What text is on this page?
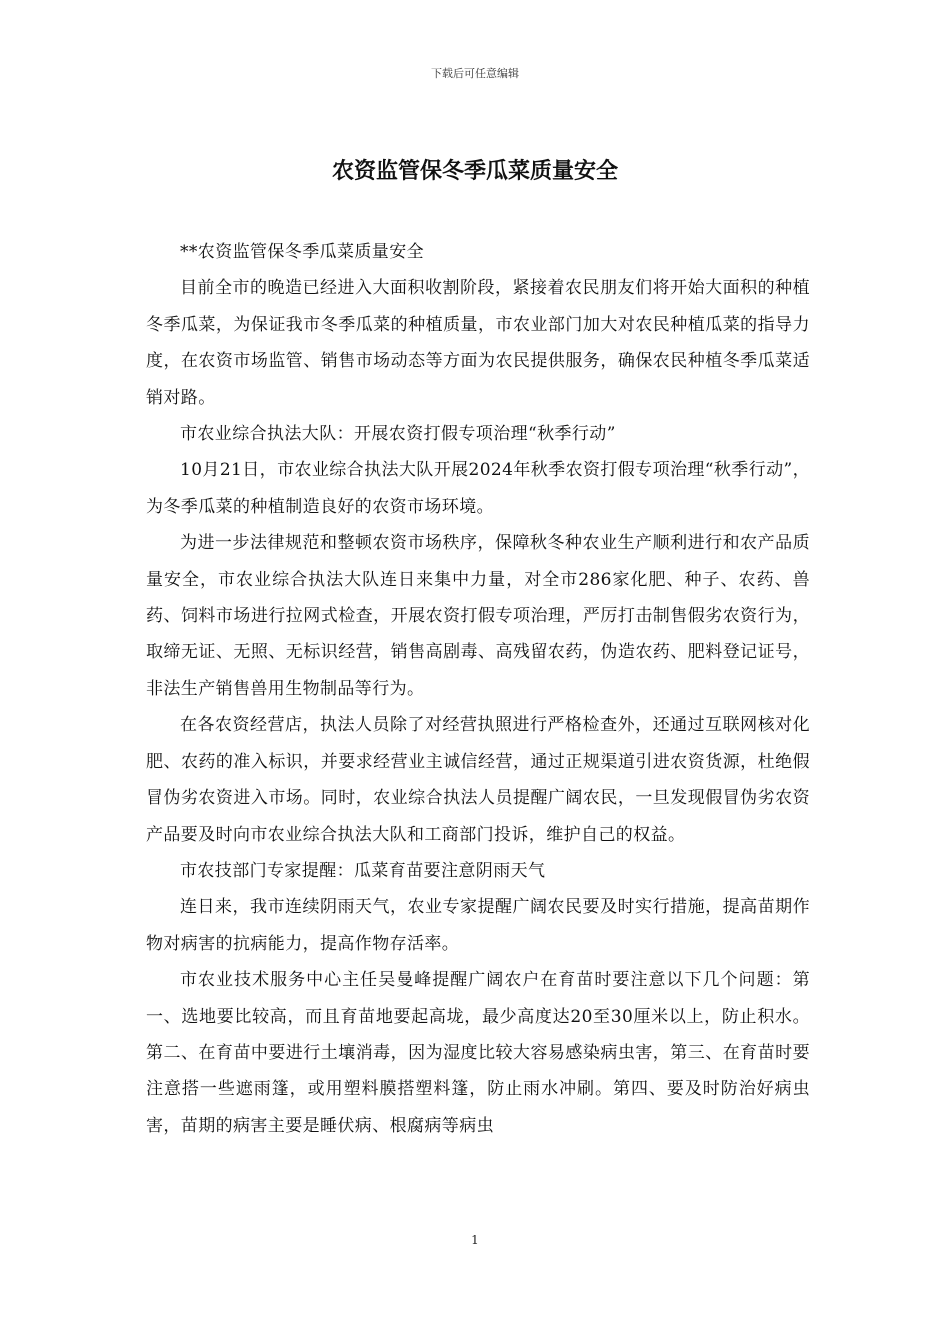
下载后可任意编辑
农资监管保冬季瓜菜质量安全

**农资监管保冬季瓜菜质量安全

目前全市的晚造已经进入大面积收割阶段，紧接着农民朋友们将开始大面积的种植冬季瓜菜，为保证我市冬季瓜菜的种植质量，市农业部门加大对农民种植瓜菜的指导力度，在农资市场监管、销售市场动态等方面为农民提供服务，确保农民种植冬季瓜菜适销对路。

市农业综合执法大队：开展农资打假专项治理“秋季行动”

10月21日，市农业综合执法大队开展2024年秋季农资打假专项治理“秋季行动”，为冬季瓜菜的种植制造良好的农资市场环境。

为进一步法律规范和整顿农资市场秩序，保障秋冬种农业生产顺利进行和农产品质量安全，市农业综合执法大队连日来集中力量，对全市286家化肥、种子、农药、兽药、饲料市场进行拉网式检查，开展农资打假专项治理，严厉打击制售假劣农资行为，取缔无证、无照、无标识经营，销售高剧毒、高残留农药，伪造农药、肥料登记证号，非法生产销售兽用生物制品等行为。

在各农资经营店，执法人员除了对经营执照进行严格检查外，还通过互联网核对化肥、农药的准入标识，并要求经营业主诚信经营，通过正规渠道引进农资货源，杜绝假冒伪劣农资进入市场。同时，农业综合执法人员提醒广阔农民，一旦发现假冒伪劣农资产品要及时向市农业综合执法大队和工商部门投诉，维护自己的权益。

市农技部门专家提醒：瓜菜育苗要注意阴雨天气

连日来，我市连续阴雨天气，农业专家提醒广阔农民要及时实行措施，提高苗期作物对病害的抗病能力，提高作物存活率。

市农业技术服务中心主任吴曼峰提醒广阔农户在育苗时要注意以下几个问题：第一、选地要比较高，而且育苗地要起高垅，最少高度达20至30厘米以上，防止积水。第二、在育苗中要进行土壤消毒，因为湿度比较大容易感染病虫害，第三、在育苗时要注意搭一些遮雨篷，或用塑料膜搭塑料篷，防止雨水冲刷。第四、要及时防治好病虫害，苗期的病害主要是睡伏病、根腐病等病虫

1
